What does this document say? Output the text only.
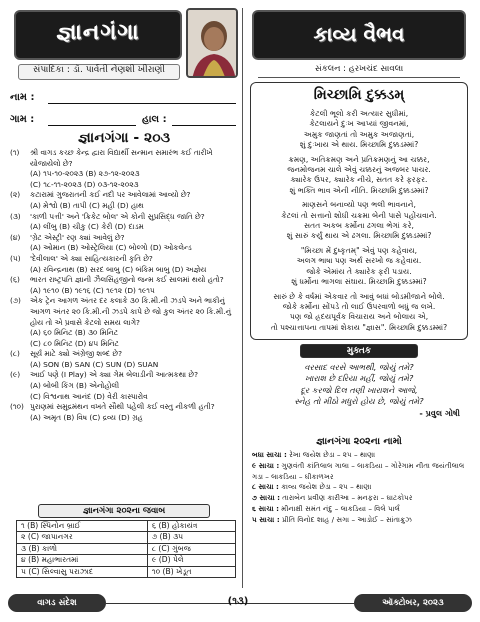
જ્ઞાનગંગા
સંપાદિકા : ડૉ. પાર્વતી નેણશી ખીરાણી
નામ :
ગામ :	હાલ :
જ્ઞાનગંગા - ૨૦૩
(૧) શ્રી વાગડ કચ્છ કેન્દ્ર દ્વારા વિદ્યાર્થી સન્માન સમારંભ કઈ તારીખે યોજાયેલો છે?
(A) ૧૫-૧૦-૨૦૨૩ (B) ૨૭-૧૨-૨૦૨૩
(C) ૧૮-૧૧-૨૦૨૩ (D) ૦૩-૧૨-૨૦૨૩
(૨) કટારામાં ગુજરાતની કઈ નદી પર આવેલામાં આવ્યો છે?
(A) મેશ્વો (B) તાપી (C) મહી (D) હાથ
(૩) 'કાળી પત્તી' અને 'ક્રિકેટ બોલ' એ કોની સુપ્રસિદ્ધ જાતિ છે?
(A) લીંબુ (B) ચીકુ (C) કેરી (D) દાડમ
(૪) 'ગ્રેટ એસ્ટ્રી' રણ ક્યાં આવેલું છે?
(A) ઓમાન (B) ઓસ્ટ્રેલિયા (C) બોલ્ગો (D) ઓકલેન્ડ
(૫) 'દેવીલાલ' એ ક્યા સાહિત્યકારની કૃતિ છે?
(A) રવિન્દ્રનાથ (B) સરદ બાબુ (C) બંકિમ બાબુ (D) અજ્ઞેય
(૬) ભારત રાષ્ટ્રપતિ જ્ઞાની ઝૈલસિંહજીનો જન્મ કઈ સાલમાં થયો હતો?
(A) ૧૯૧૦ (B) ૧૯૧૬ (C) ૧૯૧૨ (D) ૧૯૧૫
(૭) એક ટ્રેન આગળ અંતર દર કલાકે ૩૦ કિ.મી.ની ઝડપે અને ભાકીનું આગળ અંતર ૨૦ કિ.મી.ની ઝડપે કાપે છે જો કુલ અંતર ૨૦ કિ.મી.નું હોય તો એ પ્રવાસે કેટલો સમય લાગે?
(A) ૬૦ મિનિટ (B) ૩૦ મિનિટ
(C) ૮૦ મિનિટ (D) ૪૫ મિનિટ
(૮) સૂર્ય માટે ક્યો અંગ્રેજી શબ્દ છે?
(A) SON (B) SAN (C) SUN (D) SUAN
(૯) આઈ પણે (I Play) એ ક્યા ગેમ બેલાડીની આત્મકથા છે?
(A) બોબી કિંગ (B) એનોહોલી
(C) વિશ્વનાથ આનંદ (D) વેરી કાસ્પારોવ
(૧૦) પુરાણમાં સમુદ્રમંથન વખતે સૌથી પહેલી કઈ વસ્તુ નીકળી હતી?
(A) અમૃત (B) વિષ (C) દ્રવ્ય (D) ગ્રહ
જ્ઞાનગંગા ૨૦૨ના જવાબ
૧ (B) સ્પિનોન બ્રાઈ	૬ (B) હોકાયંત્ર
૨ (C) જાપાનગર	૭ (B) ૩૫
૩ (B) કાળો	૮ (C) ગુંબજ
૪ (B) મહાભારતમાં	૯ (D) પેલે
૫ (C) સિલ્વાસુ પરાઝાદ	૧૦ (B) ખેડૂત
કાવ્ય વૈભવ
સંકલન : હરખચંદ સાવલા
મિચ્છામિ દુક્કડમ્
કેટલી ભૂલો કરી અત્યાર સુધીમાં,
કેટલાયને દુઃખ આપ્યાં જીવનમાં,
અમુક જાણતાં તો અમુક અજાણતાં,
શું દુઃખાય એ થાય. મિચ્છામિ દુક્કડમ્માં?
ક્રમણ, અતિક્રમણ અને પ્રતિક્રમણનું આ ચક્કર,
જનમોજનમ ચાલે એવું ચક્કરનું અજબર પાચર.
ક્યારેક ઉપર, ક્યારેક નીચે, સતત કરે ફરફર.
શું ભક્તિ ભાવ એની નીતિ. મિચ્છામિ દુક્કડમ્માં?
માણસને બનાવ્યો પણ ભલી ભાવનાને,
કેટલાં તો સત્તાનો શોધી ચક્રમા બેની પાસે પહોંચવાને.
સતત અકબ કર્મોના ઢગલા ભેગાં કરે,
શું સારું કર્યું થાય એ ઢગલા. મિચ્છામિ દુક્કડમ્માં?
"મિચ્છા મેં દુષ્કૃતમ્" એવું પણ કહેવાય,
અલગ ભાષા પણ અર્થ સરખો જ કહેવાય.
જોકે એમાંય તે ક્યારેક ફરી પડાય.
શું ધર્મોના ભાગલા સંઘાય. મિચ્છામિ દુક્કડમ્માં?
સારું છે કે વર્ષમાં એકવાર તો આવું બધાં બોડમીજાને બોલે.
જોકે કર્મોના સોંપડે તો લાઈ ઉપરવાળો બધું જ લખે.
પણ જો હ્રદયપૂર્વક વિચારાય અને બોલાય એ,
તો પશ્ચાત્તાપના તાપમાં શેકાય "જ્ઞાસ". મિચ્છામિ દુક્કડમ્માં?
મુક્તક
વરસાદ વરસે આભથી, જોયું તમે?
ખારાશ છે દરિયા મહીં, જોયું તમે?
દૂર કરજો દિલ તણી ખારાશને આજે,
સ્નેહ તો મીઠો મધુરો હોય છે, જોયું તમે?
- પ્રવુલ ગોષી
જ્ઞાનગંગા ૨૦૨ના નામો
બધા સાચા : રેખા જયેશ છેડા – ૨૫ – થાણા
૯ સાચા : ગુણવંતી કાંતિલાલ ગાલા – લાકડિયા – ગોરેગામ નીતા જયંતીલાલ ગડા – લાકડિયા – ઘીકાળખર
૮ સાચા : કાવ્ય જયેશ છેડા – ૨૫ – થાણા
૭ સાચા : તારાબેન પ્રવીણ કારીઆ – મનફરા – ઘાટકોપર
૬ સાચા : મીનાક્ષી સમંત નંદુ – લાકડિયા – વિલે પાર્લ
૫ સાચા : પ્રીતિ વિનોદ શાહ / સગા – આડોઈ – સાંતાક્રુઝ
વાગડ સંદેશ	(૧૩)	ઑક્ટોબર, ૨૦૨૩
